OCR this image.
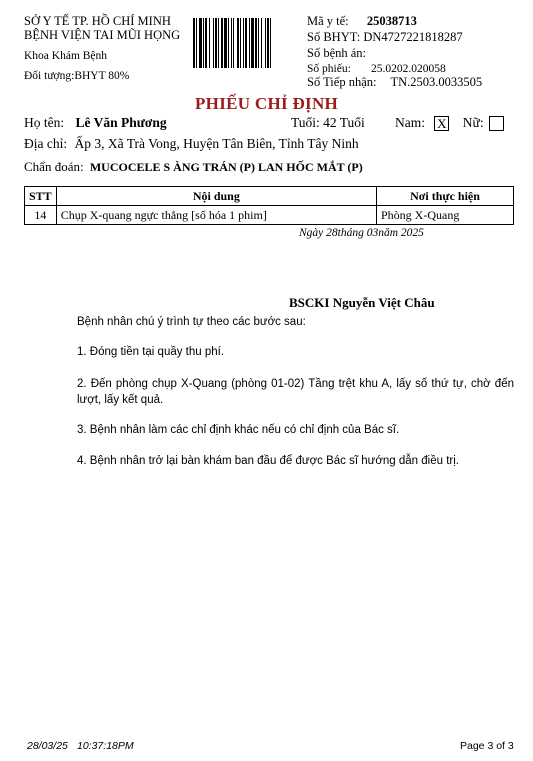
SỞ Y TẾ TP. HỒ CHÍ MINH
BỆNH VIỆN TAI MŨI HỌNG
Khoa Khám Bệnh
Đối tượng:BHYT 80%
Mã y tế: 25038713
Số BHYT: DN4727221818287
Số bệnh án:
Số phiếu: 25.0202.020058
Số Tiếp nhận: TN.2503.0033505
PHIẾU CHỈ ĐỊNH
Họ tên: Lê Văn Phương	Tuổi: 42 Tuổi Nam: X Nữ:
Địa chỉ: Ấp 3, Xã Trà Vong, Huyện Tân Biên, Tỉnh Tây Ninh
Chẩn đoán: MUCOCELE S ÀNG TRÁN (P) LAN HỐC MẮT (P)
STT	Nội dung	Nơi thực hiện
14	Chụp X-quang ngực thẳng [số hóa 1 phim]	Phòng X-Quang
Ngày 28tháng 03năm 2025
BSCKI Nguyễn Việt Châu
Bệnh nhân chú ý trình tự theo các bước sau:
1. Đóng tiền tại quầy thu phí.
2. Đến phòng chụp X-Quang (phòng 01-02) Tầng trệt khu A, lấy số thứ tự, chờ đến lượt, lấy kết quả.
3. Bệnh nhân làm các chỉ định khác nếu có chỉ định của Bác sĩ.
4. Bệnh nhân trở lại bàn khám ban đầu để được Bác sĩ hướng dẫn điều trị.
28/03/25 10:37:18PM	Page 3 of 3
